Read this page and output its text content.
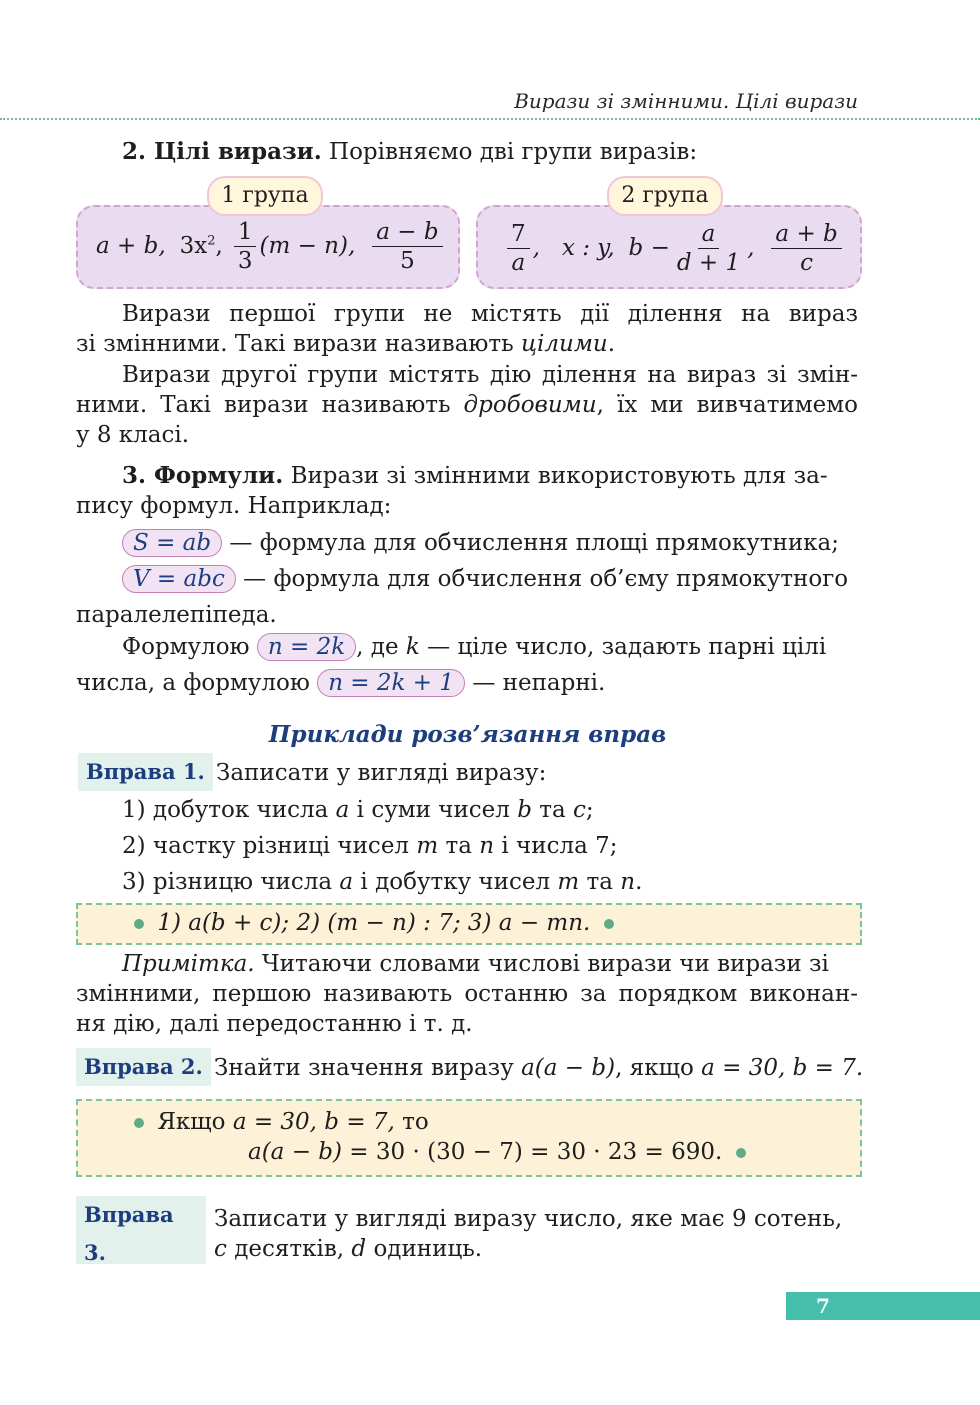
Вирази зі змінними. Цілі вирази
2. Цілі вирази. Порівняємо дві групи виразів:
1 група
a + b, $3x^2$, $\frac{1}{3} (m - n)$, $\frac{a - b}{5}$
2 група
$\frac{7}{a}$ , x : y, $b - \frac{a}{d + 1}$ , $\frac{a + b}{c}$
Вирази першої групи не містять дії ділення на вираз
зі змінними. Такі вирази називають цілими.
Вирази другої групи містять дію ділення на вираз зі змін-
ними. Такі вирази називають дробовими, їх ми вивчатимемо
у 8 класі.
3. Формули. Вирази зі змінними використовують для за-
пису формул. Наприклад:
S = ab — формула для обчислення площі прямокутника;
V = abc — формула для обчислення об’єму прямокутного
паралелепіпеда.
Формулою n = 2k , де k — ціле число, задають парні цілі
числа, а формулою n = 2k + 1 — непарні.
Приклади розв’язання вправ
Вправа 1. Записати у вигляді виразу:
1) добуток числа a і суми чисел b та c;
2) частку різниці чисел m та n і числа 7;
3) різницю числа a і добутку чисел m та n.
1) a(b + c); 2) (m − n) : 7; 3) a − mn.
Примітка. Читаючи словами числові вирази чи вирази зі
змінними, першою називають останню за порядком виконан-
ня дію, далі передостанню і т. д.
Вправа 2. Знайти значення виразу a(a − b), якщо a = 30, b = 7.
Якщо a = 30, b = 7, то
a(a − b) = 30 · (30 − 7) = 30 · 23 = 690.
Вправа 3.
Записати у вигляді виразу число, яке має 9 сотень,
c десятків, d одиниць.
7
